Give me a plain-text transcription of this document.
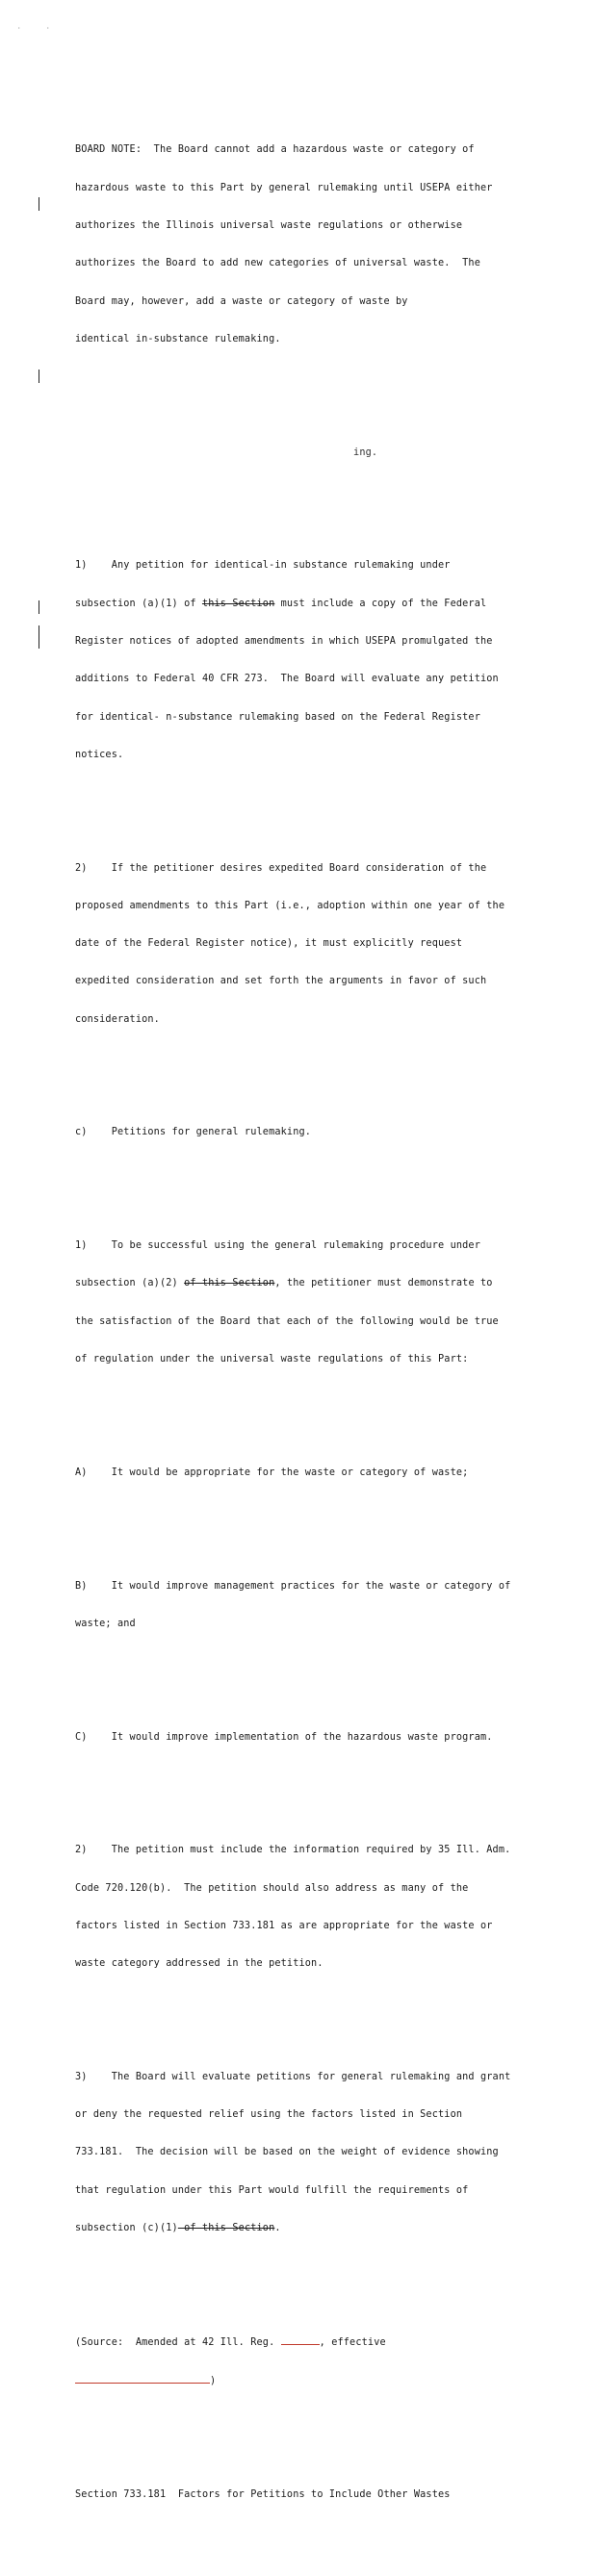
·	·

BOARD NOTE:  The Board cannot add a hazardous waste or category of

hazardous waste to this Part by general rulemaking until USEPA either

authorizes the Illinois universal waste regulations or otherwise

authorizes the Board to add new categories of universal waste.  The

Board may, however, add a waste or category of waste by

identical in-substance rulemaking.

ing.

1)    Any petition for identical-in substance rulemaking under

subsection (a)(1) of this Section must include a copy of the Federal

Register notices of adopted amendments in which USEPA promulgated the

additions to Federal 40 CFR 273.  The Board will evaluate any petition

for identical- n-substance rulemaking based on the Federal Register

notices.

2)    If the petitioner desires expedited Board consideration of the

proposed amendments to this Part (i.e., adoption within one year of the

date of the Federal Register notice), it must explicitly request

expedited consideration and set forth the arguments in favor of such

consideration.

c)    Petitions for general rulemaking.

1)    To be successful using the general rulemaking procedure under

subsection (a)(2) of this Section, the petitioner must demonstrate to

the satisfaction of the Board that each of the following would be true

of regulation under the universal waste regulations of this Part:

A)    It would be appropriate for the waste or category of waste;

B)    It would improve management practices for the waste or category of

waste; and

C)    It would improve implementation of the hazardous waste program.

2)    The petition must include the information required by 35 Ill. Adm.

Code 720.120(b).  The petition should also address as many of the

factors listed in Section 733.181 as are appropriate for the waste or

waste category addressed in the petition.

3)    The Board will evaluate petitions for general rulemaking and grant

or deny the requested relief using the factors listed in Section

733.181.  The decision will be based on the weight of evidence showing

that regulation under this Part would fulfill the requirements of

subsection (c)(1) of this Section.

(Source:  Amended at 42 Ill. Reg.	, effective

)

Section 733.181  Factors for Petitions to Include Other Wastes
